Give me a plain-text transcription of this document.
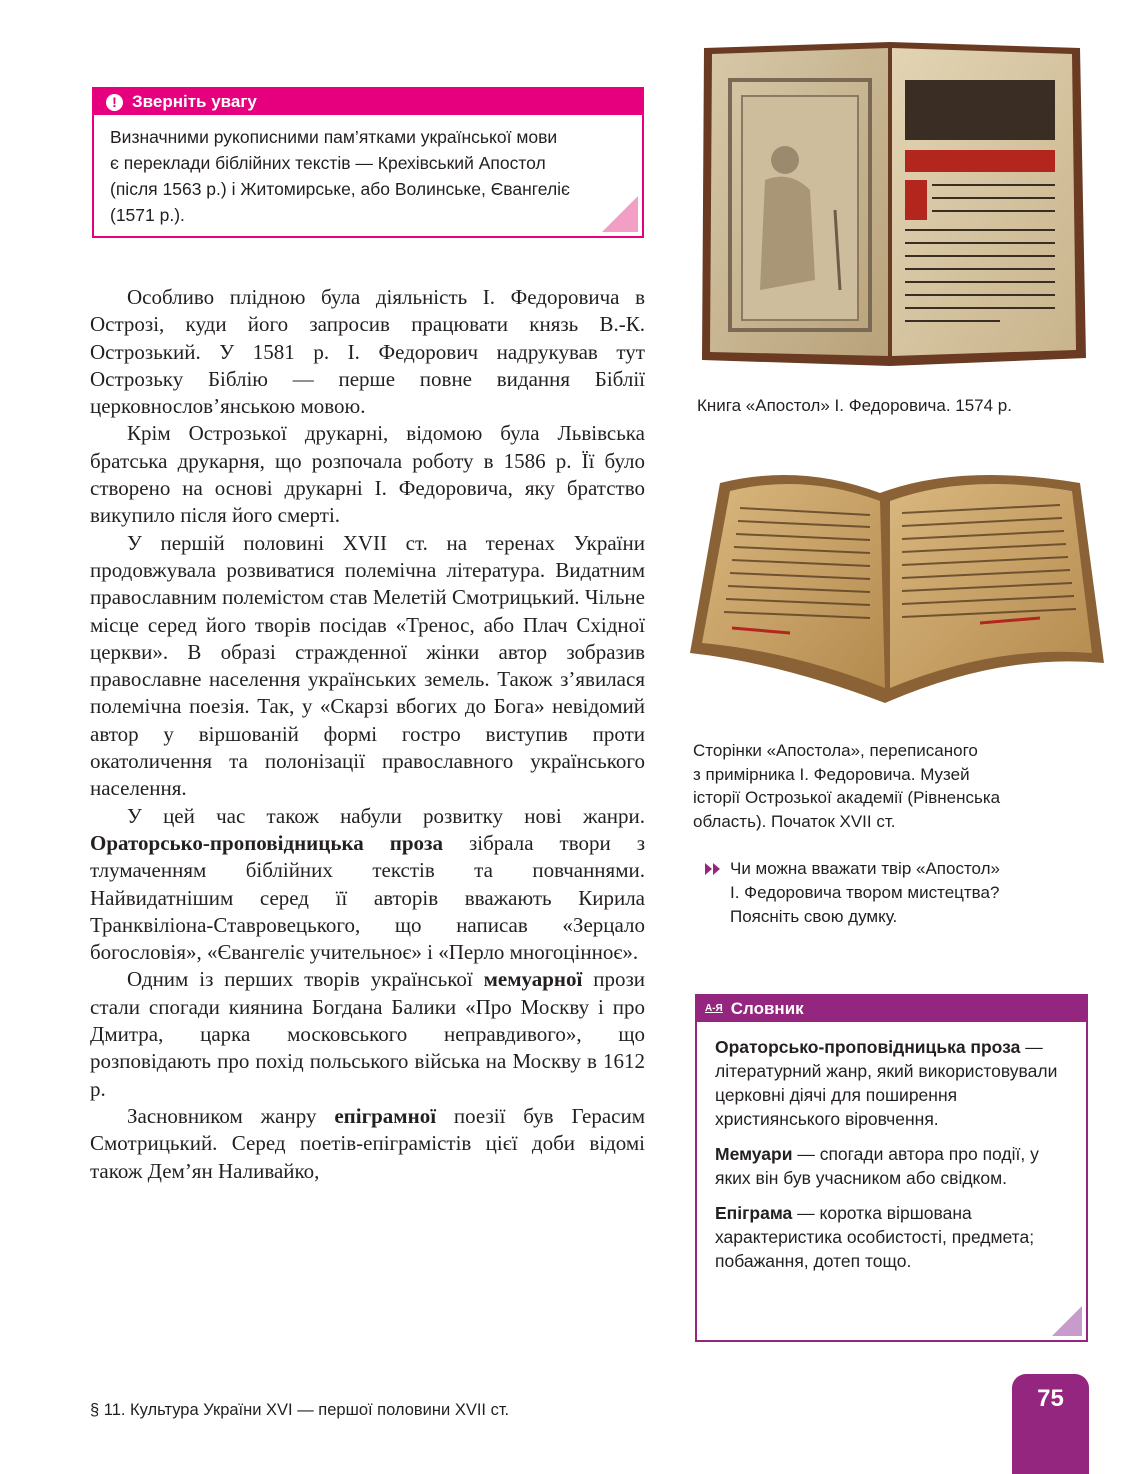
! Зверніть увагу
Визначними рукописними пам’ятками української мови
є переклади біблійних текстів — Крехівський Апостол
(після 1563 р.) і Житомирське, або Волинське, Євангеліє
(1571 р.).

Особливо плідною була діяльність І. Федоровича в Острозі, куди його запросив працювати князь В.-К. Острозький. У 1581 р. І. Федорович надрукував тут Острозьку Біблію — перше повне видання Біблії церковнослов’янською мовою.

Крім Острозької друкарні, відомою була Львівська братська друкарня, що розпочала роботу в 1586 р. Її було створено на основі друкарні І. Федоровича, яку братство викупило після його смерті.

У першій половині XVII ст. на теренах України продовжувала розвиватися полемічна література. Видатним православним полемістом став Мелетій Смотрицький. Чільне місце серед його творів посідав «Тренос, або Плач Східної церкви». В образі стражденної жінки автор зобразив православне населення українських земель. Також з’явилася полемічна поезія. Так, у «Скарзі вбогих до Бога» невідомий автор у віршованій формі гостро виступив проти окатоличення та полонізації православного українського населення.

У цей час також набули розвитку нові жанри. Ораторсько-проповідницька проза зібрала твори з тлумаченням біблійних текстів та повчаннями. Найвидатнішим серед її авторів вважають Кирила Транквіліона-Ставровецького, що написав «Зерцало богословія», «Євангеліє учительноє» і «Перло многоцінноє».

Одним із перших творів української мемуарної прози стали спогади киянина Богдана Балики «Про Москву і про Дмитра, царка московського неправдивого», що розповідають про похід польського війська на Москву в 1612 р.

Засновником жанру епіграмної поезії був Герасим Смотрицький. Серед поетів-епіграмістів цієї доби відомі також Дем’ян Наливайко,

Книга «Апостол» І. Федоровича. 1574 р.
Сторінки «Апостола», переписаного
з примірника І. Федоровича. Музей
історії Острозької академії (Рівненська
область). Початок XVII ст.
Чи можна вважати твір «Апостол»
І. Федоровича твором мистецтва?
Поясніть свою думку.
А-Я Словник

Ораторсько-проповідницька проза — літературний жанр, який використовували церковні діячі для поширення християнського віровчення.

Мемуари — спогади автора про події, у яких він був учасником або свідком.

Епіграма — коротка віршована характеристика особистості, предмета; побажання, дотеп тощо.

§ 11. Культура України XVI — першої половини XVII ст.	75
